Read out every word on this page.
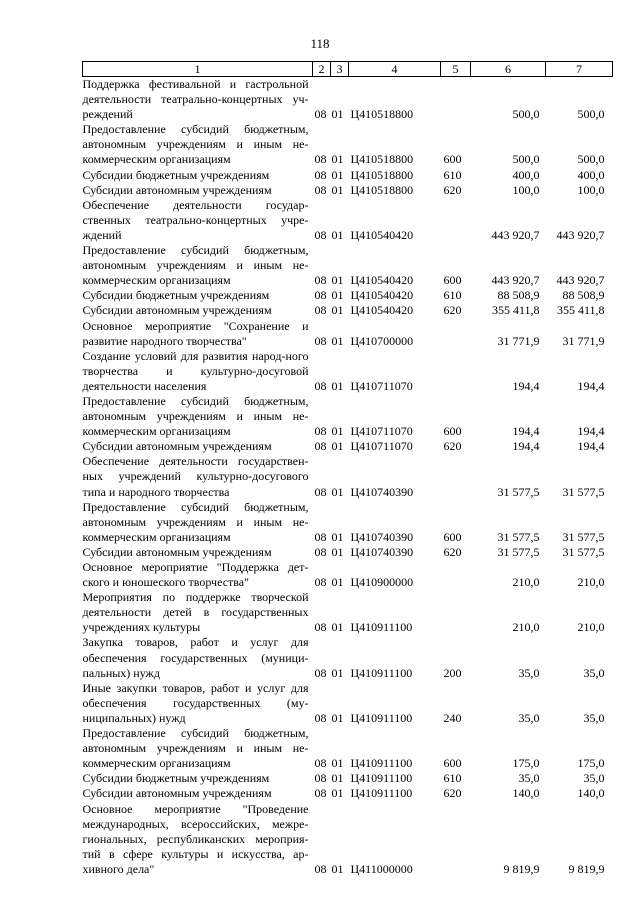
118
1	2	3	4	5	6	7
Поддержка фестивальной и гастрольной деятельности театрально-концертных уч-реждений	08	01	Ц410518800		500,0	500,0
Предоставление субсидий бюджетным, автономным учреждениям и иным не-коммерческим организациям	08	01	Ц410518800	600	500,0	500,0
Субсидии бюджетным учреждениям	08	01	Ц410518800	610	400,0	400,0
Субсидии автономным учреждениям	08	01	Ц410518800	620	100,0	100,0
Обеспечение деятельности государ-ственных театрально-концертных учре-ждений	08	01	Ц410540420		443 920,7	443 920,7
Предоставление субсидий бюджетным, автономным учреждениям и иным не-коммерческим организациям	08	01	Ц410540420	600	443 920,7	443 920,7
Субсидии бюджетным учреждениям	08	01	Ц410540420	610	88 508,9	88 508,9
Субсидии автономным учреждениям	08	01	Ц410540420	620	355 411,8	355 411,8
Основное мероприятие "Сохранение и развитие народного творчества"	08	01	Ц410700000		31 771,9	31 771,9
Создание условий для развития народ-ного творчества и культурно-досуговой деятельности населения	08	01	Ц410711070		194,4	194,4
Предоставление субсидий бюджетным, автономным учреждениям и иным не-коммерческим организациям	08	01	Ц410711070	600	194,4	194,4
Субсидии автономным учреждениям	08	01	Ц410711070	620	194,4	194,4
Обеспечение деятельности государствен-ных учреждений культурно-досугового типа и народного творчества	08	01	Ц410740390		31 577,5	31 577,5
Предоставление субсидий бюджетным, автономным учреждениям и иным не-коммерческим организациям	08	01	Ц410740390	600	31 577,5	31 577,5
Субсидии автономным учреждениям	08	01	Ц410740390	620	31 577,5	31 577,5
Основное мероприятие "Поддержка дет-ского и юношеского творчества"	08	01	Ц410900000		210,0	210,0
Мероприятия по поддержке творческой деятельности детей в государственных учреждениях культуры	08	01	Ц410911100		210,0	210,0
Закупка товаров, работ и услуг для обеспечения государственных (муници-пальных) нужд	08	01	Ц410911100	200	35,0	35,0
Иные закупки товаров, работ и услуг для обеспечения государственных (му-ниципальных) нужд	08	01	Ц410911100	240	35,0	35,0
Предоставление субсидий бюджетным, автономным учреждениям и иным не-коммерческим организациям	08	01	Ц410911100	600	175,0	175,0
Субсидии бюджетным учреждениям	08	01	Ц410911100	610	35,0	35,0
Субсидии автономным учреждениям	08	01	Ц410911100	620	140,0	140,0
Основное мероприятие "Проведение международных, всероссийских, межре-гиональных, республиканских мероприя-тий в сфере культуры и искусства, ар-хивного дела"	08	01	Ц411000000		9 819,9	9 819,9
